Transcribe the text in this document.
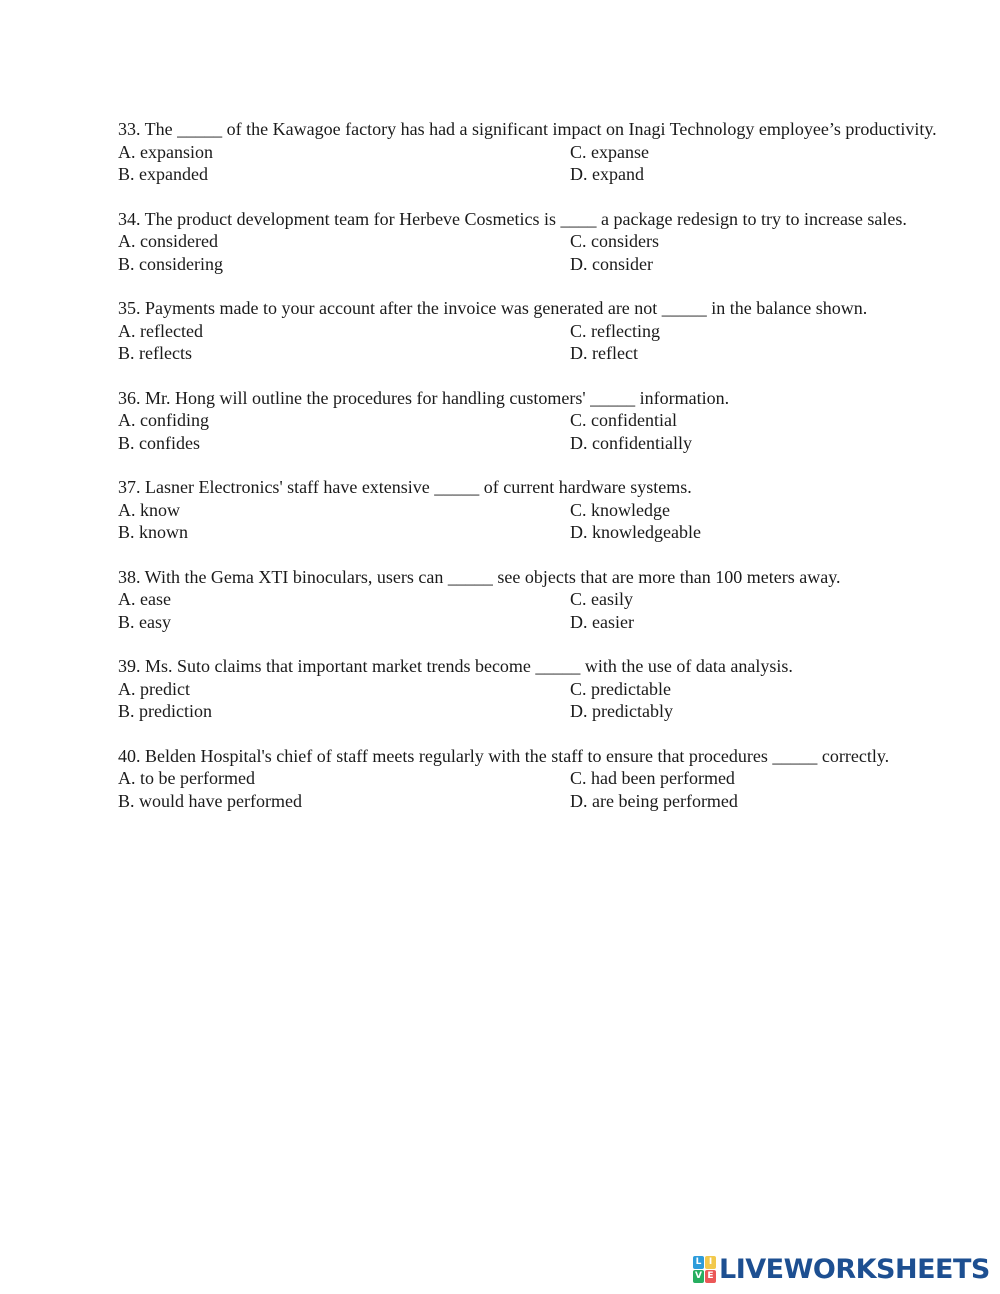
33. The _____ of the Kawagoe factory has had a significant impact on Inagi Technology employee’s productivity.

A. expansion	C. expanse
B. expanded	D. expand

34. The product development team for Herbeve Cosmetics is ____ a package redesign to try to increase sales.

A. considered	C. considers
B. considering	D. consider

35. Payments made to your account after the invoice was generated are not _____ in the balance shown.

A. reflected	C. reflecting
B. reflects	D. reflect

36. Mr. Hong will outline the procedures for handling customers' _____ information.

A. confiding	C. confidential
B. confides	D. confidentially

37. Lasner Electronics' staff have extensive _____ of current hardware systems.

A. know	C. knowledge
B. known	D. knowledgeable

38. With the Gema XTI binoculars, users can _____ see objects that are more than 100 meters away.

A. ease	C. easily
B. easy	D. easier

39. Ms. Suto claims that important market trends become _____ with the use of data analysis.

A. predict	C. predictable
B. prediction	D. predictably

40. Belden Hospital's chief of staff meets regularly with the staff to ensure that procedures _____ correctly.

A. to be performed	C. had been performed
B. would have performed	D. are being performed
L I
V E LIVEWORKSHEETS
